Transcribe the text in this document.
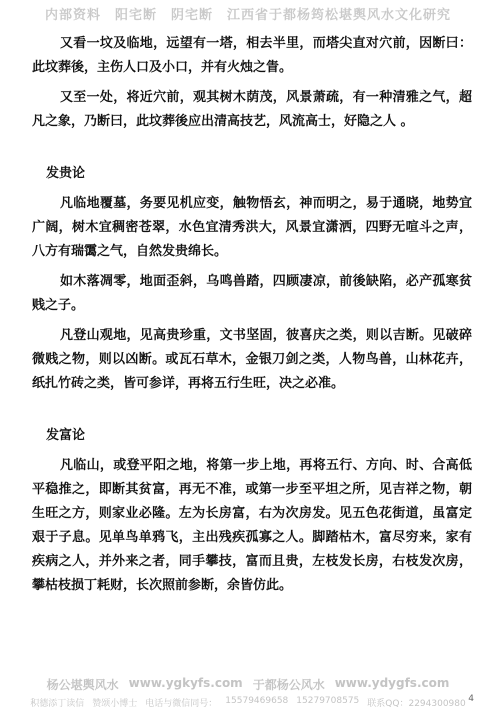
内部资料　阳宅断　阴宅断　江西省于都杨筠松堪舆风水文化研究

又看一坟及临地，远望有一塔，相去半里，而塔尖直对穴前，因断曰：此坟葬後，主伤人口及小口，并有火烛之眚。

又至一处，将近穴前，观其树木荫茂，风景萧疏，有一种清雅之气，超凡之象，乃断曰，此坟葬後应出清高技艺，风流高士，好隐之人 。

发贵论

凡临地覆墓，务要见机应变，触物悟玄，神而明之，易于通晓，地势宜广阔，树木宜稠密苍翠，水色宜清秀洪大，风景宜潇洒，四野无喧斗之声，八方有瑞霭之气，自然发贵绵长。

如木落凋零，地面歪斜，乌鸣兽踏，四顾凄凉，前後缺陷，必产孤寒贫贱之子。

凡登山观地，见高贵珍重，文书坚固，彼喜庆之类，则以吉断。见破碎微贱之物，则以凶断。或瓦石草木，金银刀剑之类，人物鸟兽，山林花卉，纸扎竹砖之类，皆可参详，再将五行生旺，决之必准。

发富论

凡临山，或登平阳之地，将第一步上地，再将五行、方向、时、合高低平稳推之，即断其贫富，再无不准，或第一步至平坦之所，见吉祥之物，朝生旺之方，则家业必隆。左为长房富，右为次房发。见五色花街道，虽富定艰于子息。见单鸟单鸦飞，主出残疾孤寡之人。脚踏枯木，富尽穷来，家有疾病之人，并外来之者，同手攀技，富而且贵，左枝发长房，右枝发次房，攀枯枝损丁耗财，长次照前参断，余皆仿此。

杨公堪舆风水 www.ygkyfs.com 于都杨公风水 www.ydygfs.com
积德添丁读信 赞颂小博士 电话与微信同号： 15579469658 15279708575 联系QQ：2294300980 4
